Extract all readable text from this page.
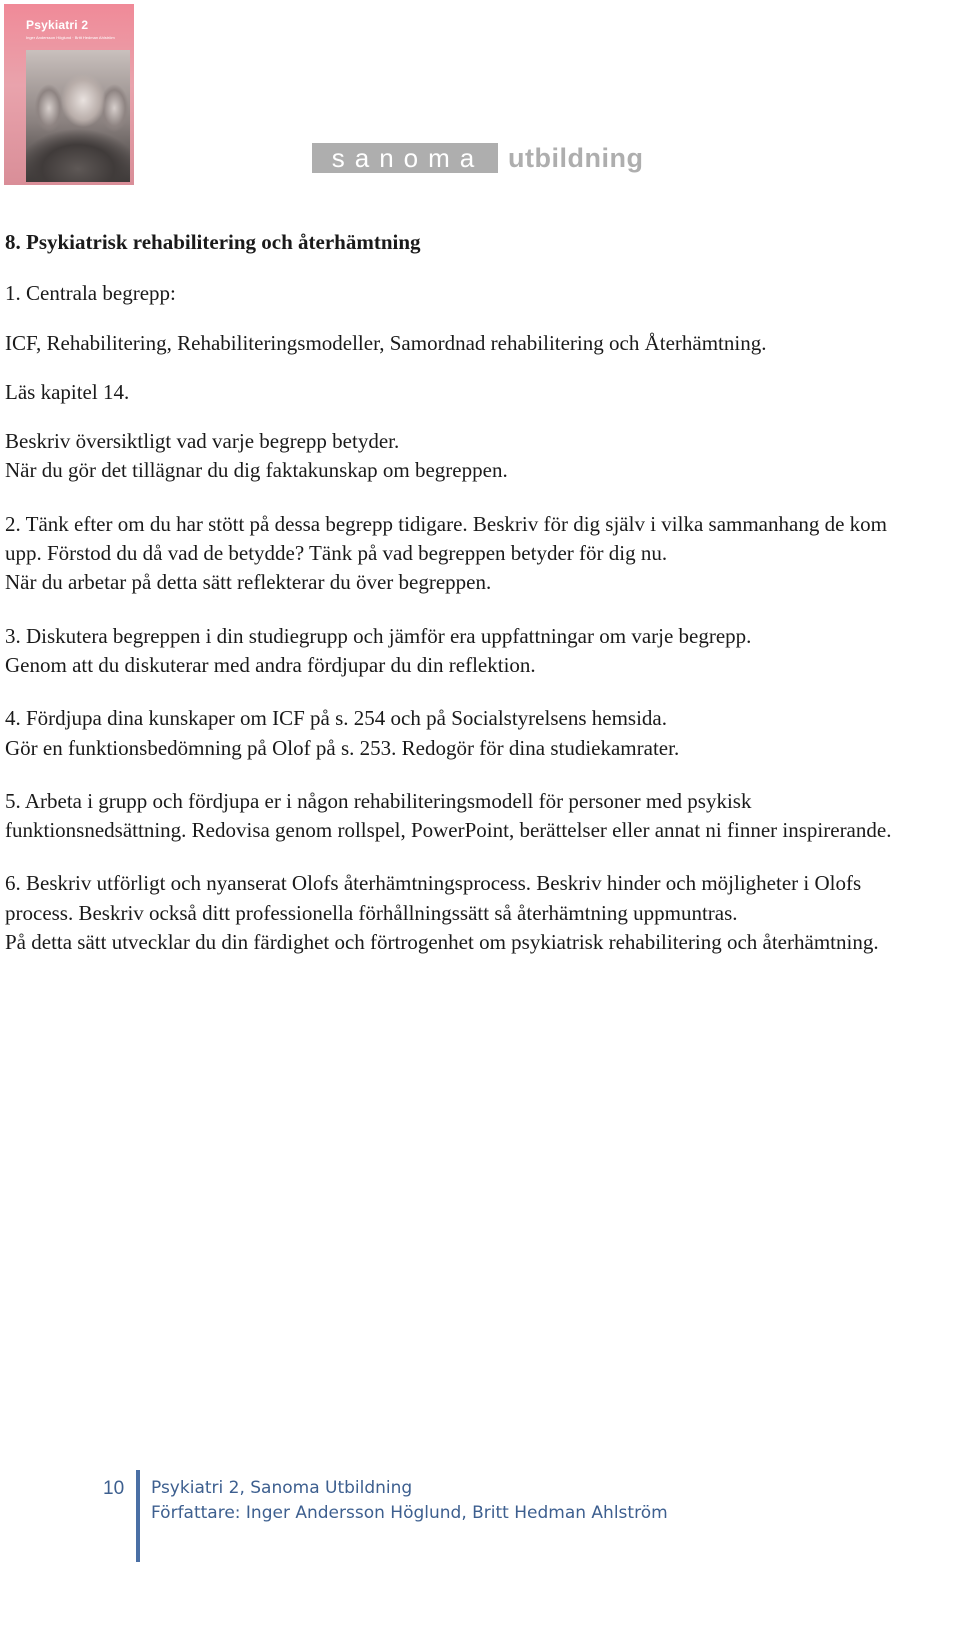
Psykiatri 2
Inger Andersson Höglund · Britt Hedman Ahlström
sanoma utbildning

8. Psykiatrisk rehabilitering och återhämtning

1. Centrala begrepp:

ICF, Rehabilitering, Rehabiliteringsmodeller, Samordnad rehabilitering och Återhämtning.

Läs kapitel 14.

Beskriv översiktligt vad varje begrepp betyder.

När du gör det tillägnar du dig faktakunskap om begreppen.

2. Tänk efter om du har stött på dessa begrepp tidigare. Beskriv för dig själv i vilka sammanhang de kom upp. Förstod du då vad de betydde? Tänk på vad begreppen betyder för dig nu.

När du arbetar på detta sätt reflekterar du över begreppen.

3. Diskutera begreppen i din studiegrupp och jämför era uppfattningar om varje begrepp.

Genom att du diskuterar med andra fördjupar du din reflektion.

4. Fördjupa dina kunskaper om ICF på s. 254 och på Socialstyrelsens hemsida.

Gör en funktionsbedömning på Olof på s. 253. Redogör för dina studiekamrater.

5. Arbeta i grupp och fördjupa er i någon rehabiliteringsmodell för personer med psykisk funktionsnedsättning. Redovisa genom rollspel, PowerPoint, berättelser eller annat ni finner inspirerande.

6. Beskriv utförligt och nyanserat Olofs återhämtningsprocess. Beskriv hinder och möjligheter i Olofs process. Beskriv också ditt professionella förhållningssätt så återhämtning uppmuntras.

På detta sätt utvecklar du din färdighet och förtrogenhet om psykiatrisk rehabilitering och återhämtning.

10 Psykiatri 2, Sanoma Utbildning
Författare: Inger Andersson Höglund, Britt Hedman Ahlström
